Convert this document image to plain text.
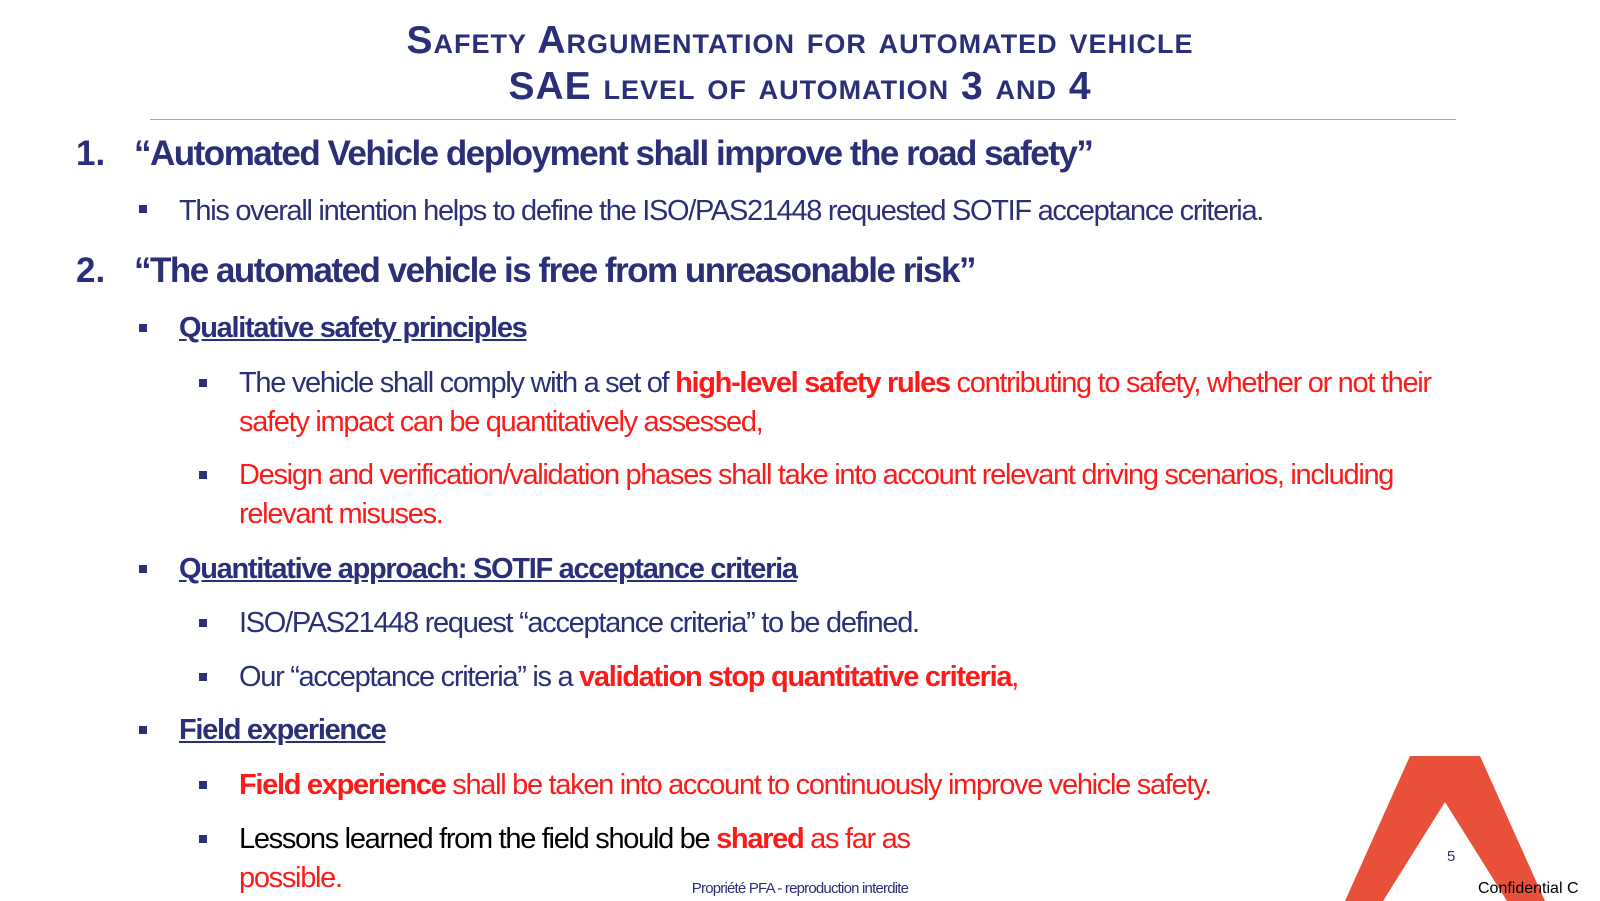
Safety Argumentation for automated vehicle
SAE level of automation 3 and 4
1. “Automated Vehicle deployment shall improve the road safety”
This overall intention helps to define the ISO/PAS21448 requested SOTIF acceptance criteria.
2. “The automated vehicle is free from unreasonable risk”
Qualitative safety principles
The vehicle shall comply with a set of high-level safety rules contributing to safety, whether or not their
safety impact can be quantitatively assessed,
Design and verification/validation phases shall take into account relevant driving scenarios, including
relevant misuses.
Quantitative approach: SOTIF acceptance criteria
ISO/PAS21448 request “acceptance criteria” to be defined.
Our “acceptance criteria” is a validation stop quantitative criteria,
Field experience
Field experience shall be taken into account to continuously improve vehicle safety.
Lessons learned from the field should be shared as far as
possible.	Propriété PFA - reproduction interdite
5
Confidential C
